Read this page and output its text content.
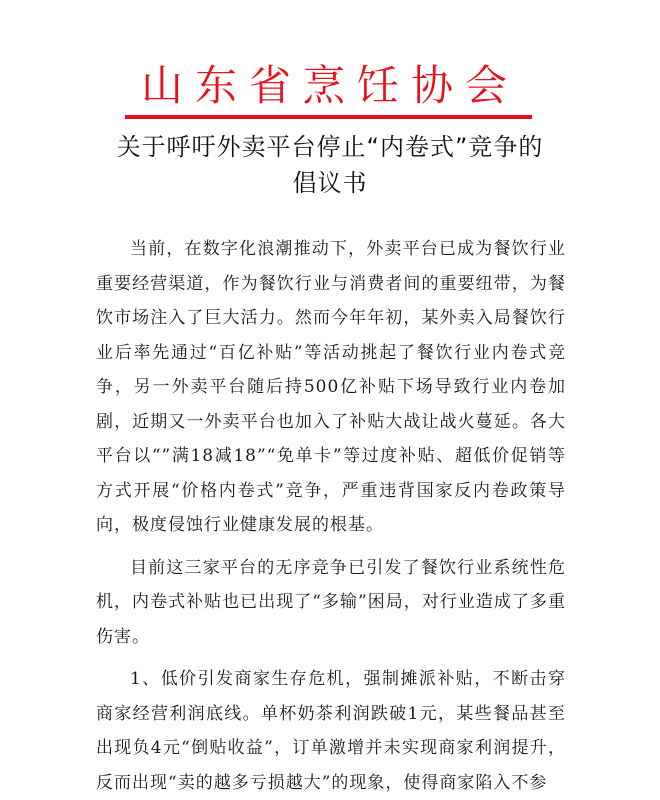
山东省烹饪协会
关于呼吁外卖平台停止“内卷式”竞争的
倡议书

当前，在数字化浪潮推动下，外卖平台已成为餐饮行业重要经营渠道，作为餐饮行业与消费者间的重要纽带，为餐饮市场注入了巨大活力。然而今年年初，某外卖入局餐饮行业后率先通过“百亿补贴”等活动挑起了餐饮行业内卷式竞争，另一外卖平台随后持500亿补贴下场导致行业内卷加剧，近期又一外卖平台也加入了补贴大战让战火蔓延。各大平台以“”满18减18”“免单卡”等过度补贴、超低价促销等方式开展“价格内卷式”竞争，严重违背国家反内卷政策导向，极度侵蚀行业健康发展的根基。

目前这三家平台的无序竞争已引发了餐饮行业系统性危机，内卷式补贴也已出现了“多输”困局，对行业造成了多重伤害。

1、低价引发商家生存危机，强制摊派补贴，不断击穿商家经营利润底线。单杯奶茶利润跌破1元，某些餐品甚至出现负4元“倒贴收益”，订单激增并未实现商家利润提升，反而出现“卖的越多亏损越大”的现象，使得商家陷入不参
